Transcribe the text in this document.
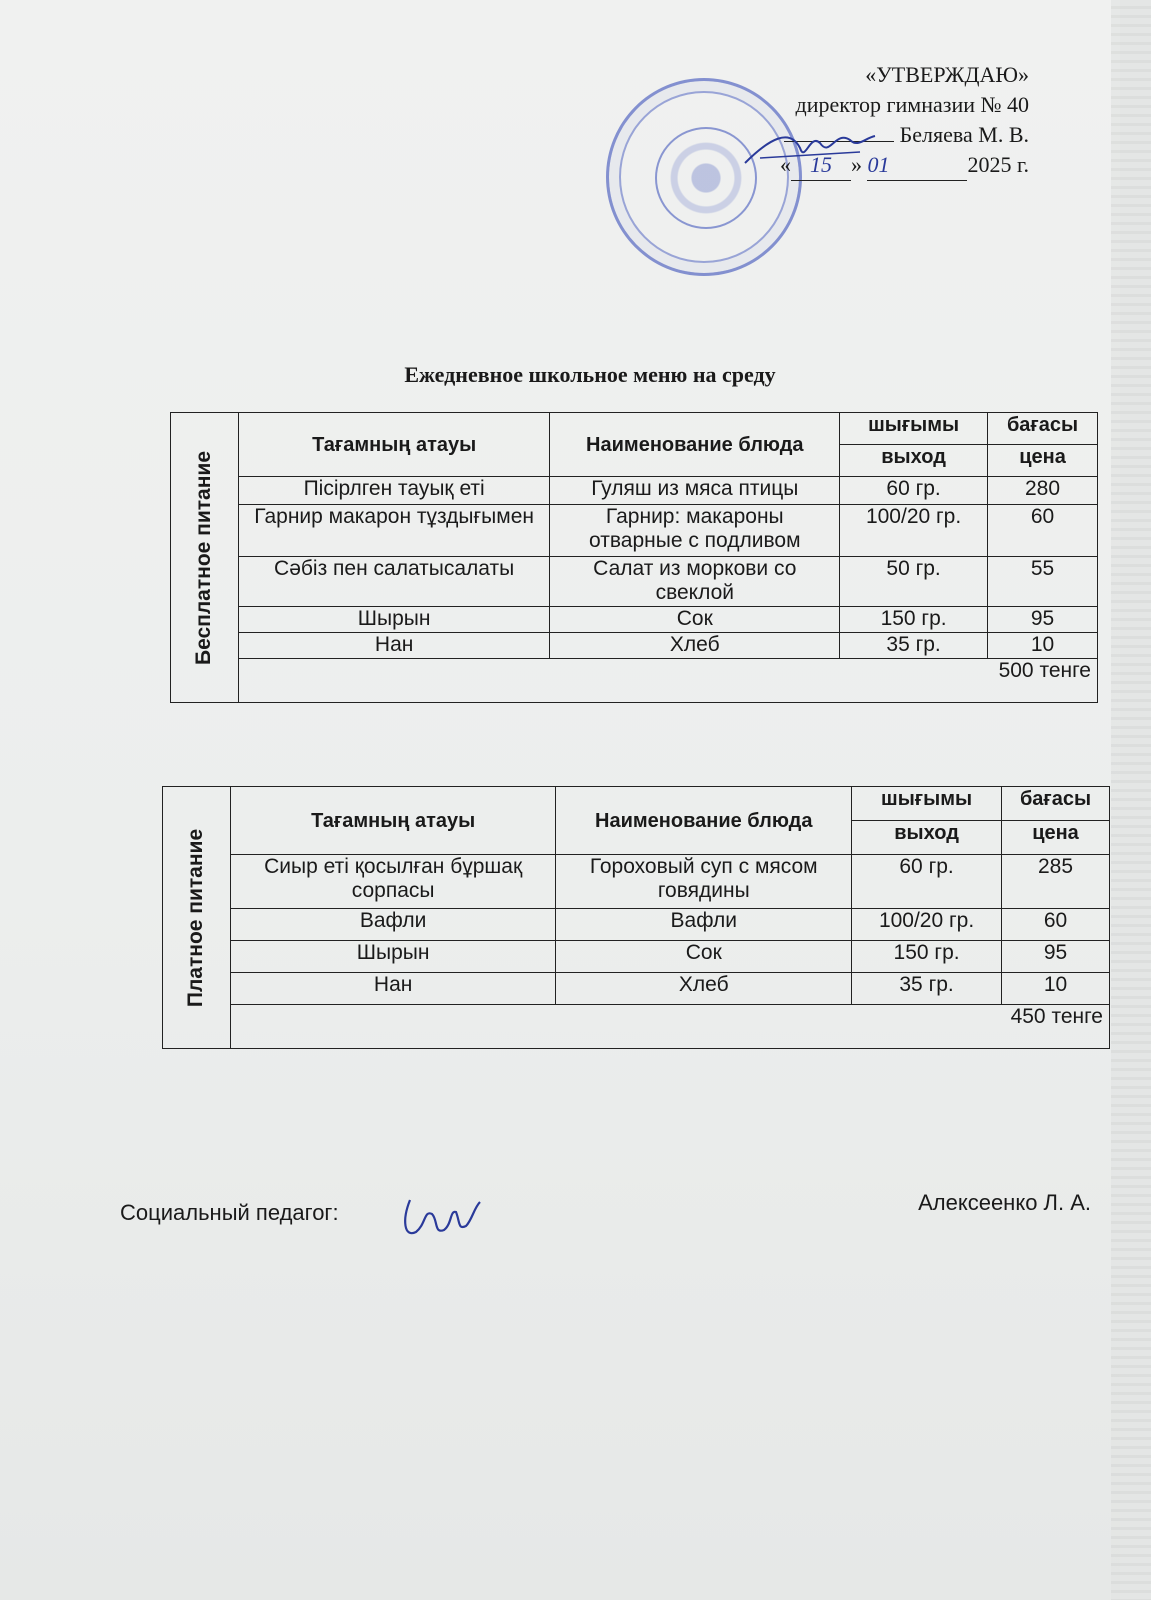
«УТВЕРЖДАЮ»
директор гимназии № 40
Беляева М. В.
« 15 » 01	2025 г.
Ежедневное школьное меню на среду
Бесплатное питание	Тағамның атауы	Наименование блюда	шығымы	бағасы
			выход	цена
	Пісірлген тауық еті	Гуляш из мяса птицы	60 гр.	280
	Гарнир макарон тұздығымен	Гарнир: макароны отварные с подливом	100/20 гр.	60
	Сәбіз пен салатысалаты	Салат из моркови со свеклой	50 гр.	55
	Шырын	Сок	150 гр.	95
	Нан	Хлеб	35 гр.	10
	500 тенге			
Платное питание	Тағамның атауы	Наименование блюда	шығымы	бағасы
			выход	цена
	Сиыр еті қосылған бұршақ сорпасы	Гороховый суп с мясом говядины	60 гр.	285
	Вафли	Вафли	100/20 гр.	60
	Шырын	Сок	150 гр.	95
	Нан	Хлеб	35 гр.	10
	450 тенге			
Социальный педагог:	Алексеенко Л. А.
